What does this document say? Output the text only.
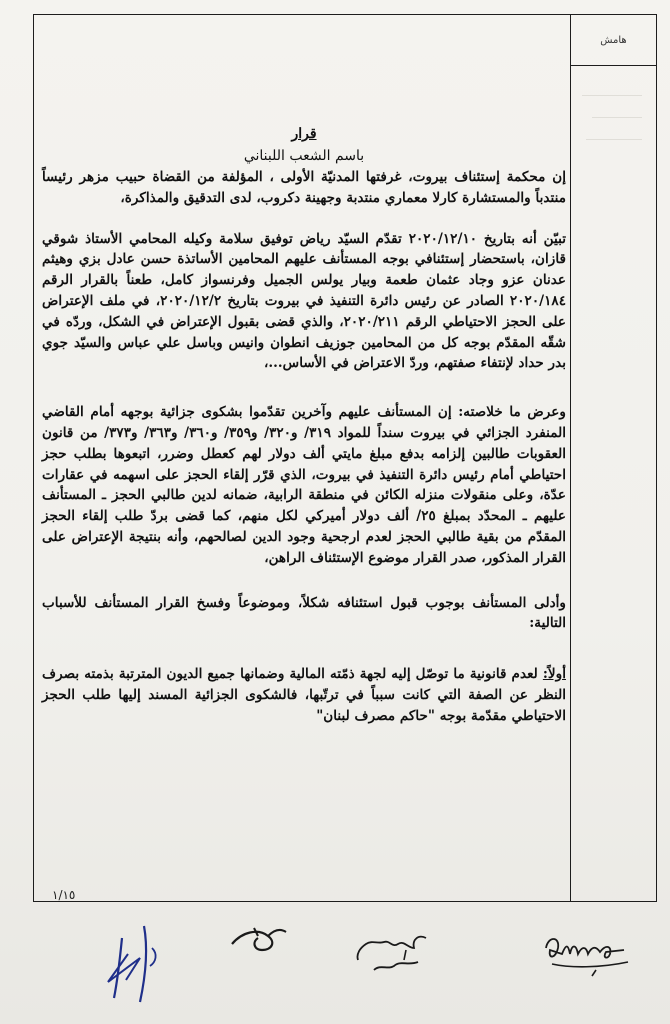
هامش

قرار

باسم الشعب اللبناني

إن محكمة إستئناف بيروت، غرفتها المدنيّة الأولى ، المؤلفة من القضاة حبيب مزهر رئيساً منتدباً والمستشارة كارلا معماري منتدبة وجهينة دكروب، لدى التدقيق والمذاكرة،

تبيّن أنه بتاريخ ٢٠٢٠/١٢/١٠ تقدّم السيّد رياض توفيق سلامة وكيله المحامي الأستاذ شوقي قازان، باستحضار إستئنافي بوجه المستأنف عليهم المحامين الأساتذة حسن عادل بزي وهيثم عدنان عزو وجاد عثمان طعمة وبيار يولس الجميل وفرنسواز كامل، طعناً بالقرار الرقم ٢٠٢٠/١٨٤ الصادر عن رئيس دائرة التنفيذ في بيروت بتاريخ ٢٠٢٠/١٢/٢، في ملف الإعتراض على الحجز الاحتياطي الرقم ٢٠٢٠/٢١١، والذي قضى بقبول الإعتراض في الشكل، وردّه في شقّه المقدّم بوجه كل من المحامين جوزيف انطوان وانيس وباسل علي عباس والسيّد جوي بدر حداد لإنتفاء صفتهم، وردّ الاعتراض في الأساس...،

وعرض ما خلاصته: إن المستأنف عليهم وآخرين تقدّموا بشكوى جزائية بوجهه أمام القاضي المنفرد الجزائي في بيروت سنداً للمواد ٣١٩/ و٣٢٠/ و٣٥٩/ و٣٦٠/ و٣٦٣/ و٣٧٣/ من قانون العقوبات طالبين إلزامه بدفع مبلغ مايتي ألف دولار لهم كعطل وضرر، اتبعوها بطلب حجز احتياطي أمام رئيس دائرة التنفيذ في بيروت، الذي قرّر إلقاء الحجز على اسهمه في عقارات عدّة، وعلى منقولات منزله الكائن في منطقة الرابية، ضمانه لدين طالبي الحجز ـ المستأنف عليهم ـ المحدّد بمبلغ ٢٥/ ألف دولار أميركي لكل منهم، كما قضى بردّ طلب إلقاء الحجز المقدّم من بقية طالبي الحجز لعدم ارجحية وجود الدين لصالحهم، وأنه بنتيجة الإعتراض على القرار المذكور، صدر القرار موضوع الإستئناف الراهن،

وأدلى المستأنف بوجوب قبول استئنافه شكلاً، وموضوعاً وفسخ القرار المستأنف للأسباب التالية:

أولاً: لعدم قانونية ما توصّل إليه لجهة ذمّته المالية وضمانها جميع الديون المترتبة بذمته بصرف النظر عن الصفة التي كانت سبباً في ترتّبها، فالشكوى الجزائية المسند إليها طلب الحجز الاحتياطي مقدّمة بوجه "حاكم مصرف لبنان"

١/١٥
